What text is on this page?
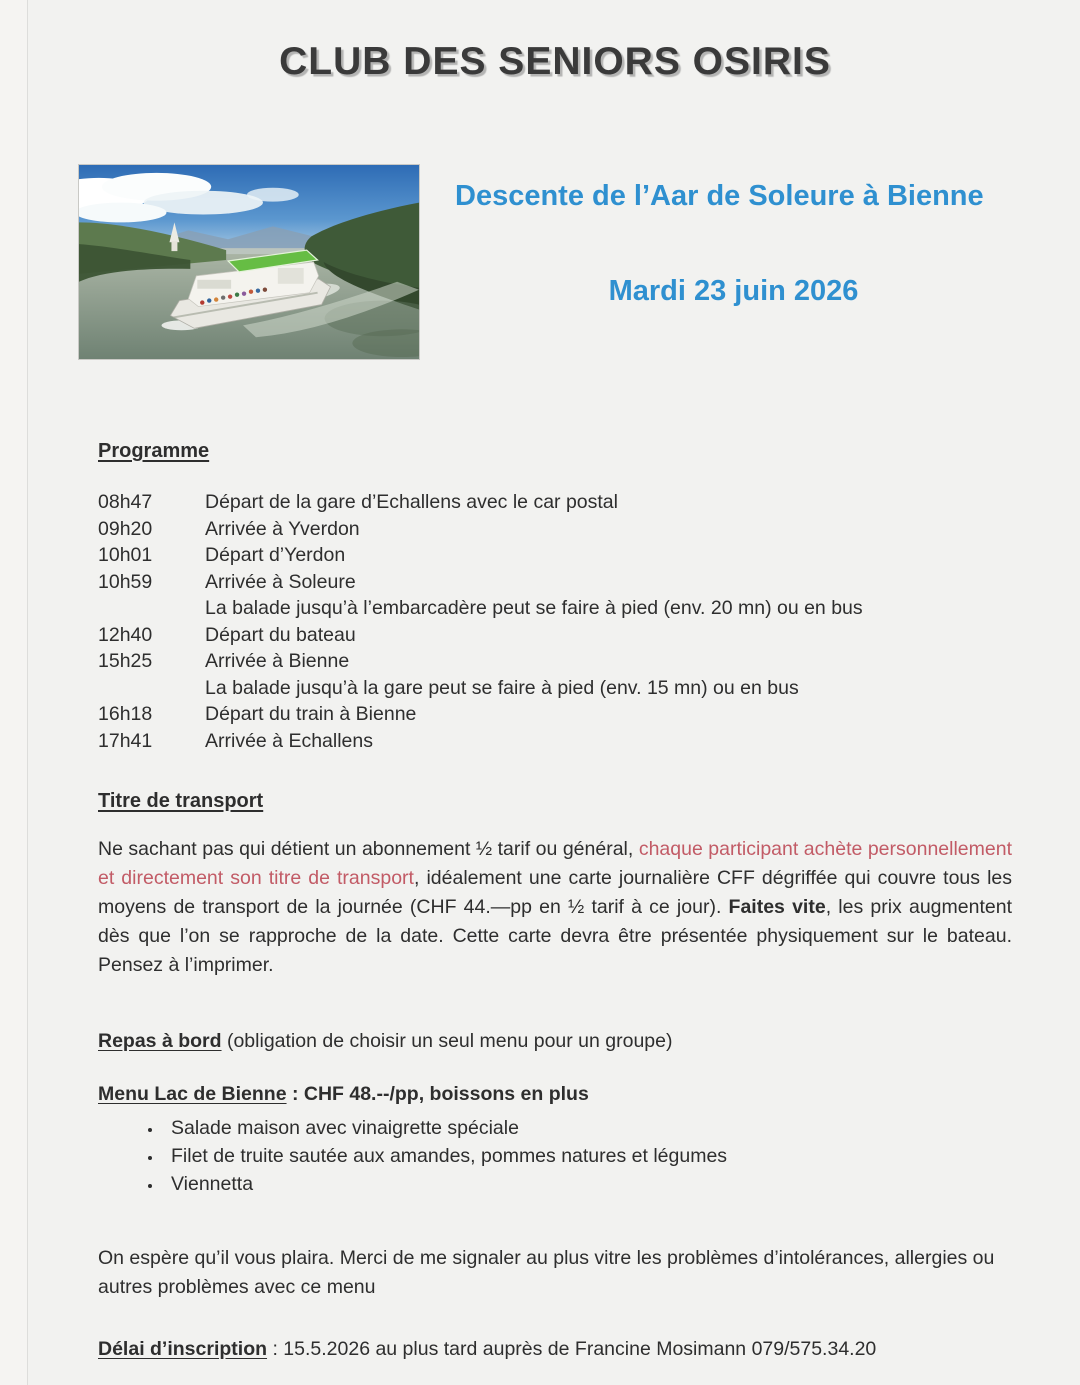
CLUB DES SENIORS OSIRIS
Descente de l’Aar de Soleure à Bienne
Mardi 23 juin 2026
Programme
08h47	Départ de la gare d’Echallens avec le car postal
09h20	Arrivée à Yverdon
10h01	Départ d’Yerdon
10h59	Arrivée à Soleure
La balade jusqu’à l’embarcadère peut se faire à pied (env. 20 mn) ou en bus
12h40	Départ du bateau
15h25	Arrivée à Bienne
La balade jusqu’à la gare peut se faire à pied (env. 15 mn) ou en bus
16h18	Départ du train à Bienne
17h41	Arrivée à Echallens
Titre de transport
Ne sachant pas qui détient un abonnement ½ tarif ou général, chaque participant achète personnellement et directement son titre de transport, idéalement une carte journalière CFF dégriffée qui couvre tous les moyens de transport de la journée (CHF 44.—pp en ½ tarif à ce jour). Faites vite, les prix augmentent dès que l’on se rapproche de la date. Cette carte devra être présentée physiquement sur le bateau. Pensez à l’imprimer.
Repas à bord (obligation de choisir un seul menu pour un groupe)
Menu Lac de Bienne : CHF 48.--/pp, boissons en plus
• Salade maison avec vinaigrette spéciale
• Filet de truite sautée aux amandes, pommes natures et légumes
• Viennetta
On espère qu’il vous plaira. Merci de me signaler au plus vitre les problèmes d’intolérances, allergies ou autres problèmes avec ce menu
Délai d’inscription : 15.5.2026 au plus tard auprès de Francine Mosimann 079/575.34.20
